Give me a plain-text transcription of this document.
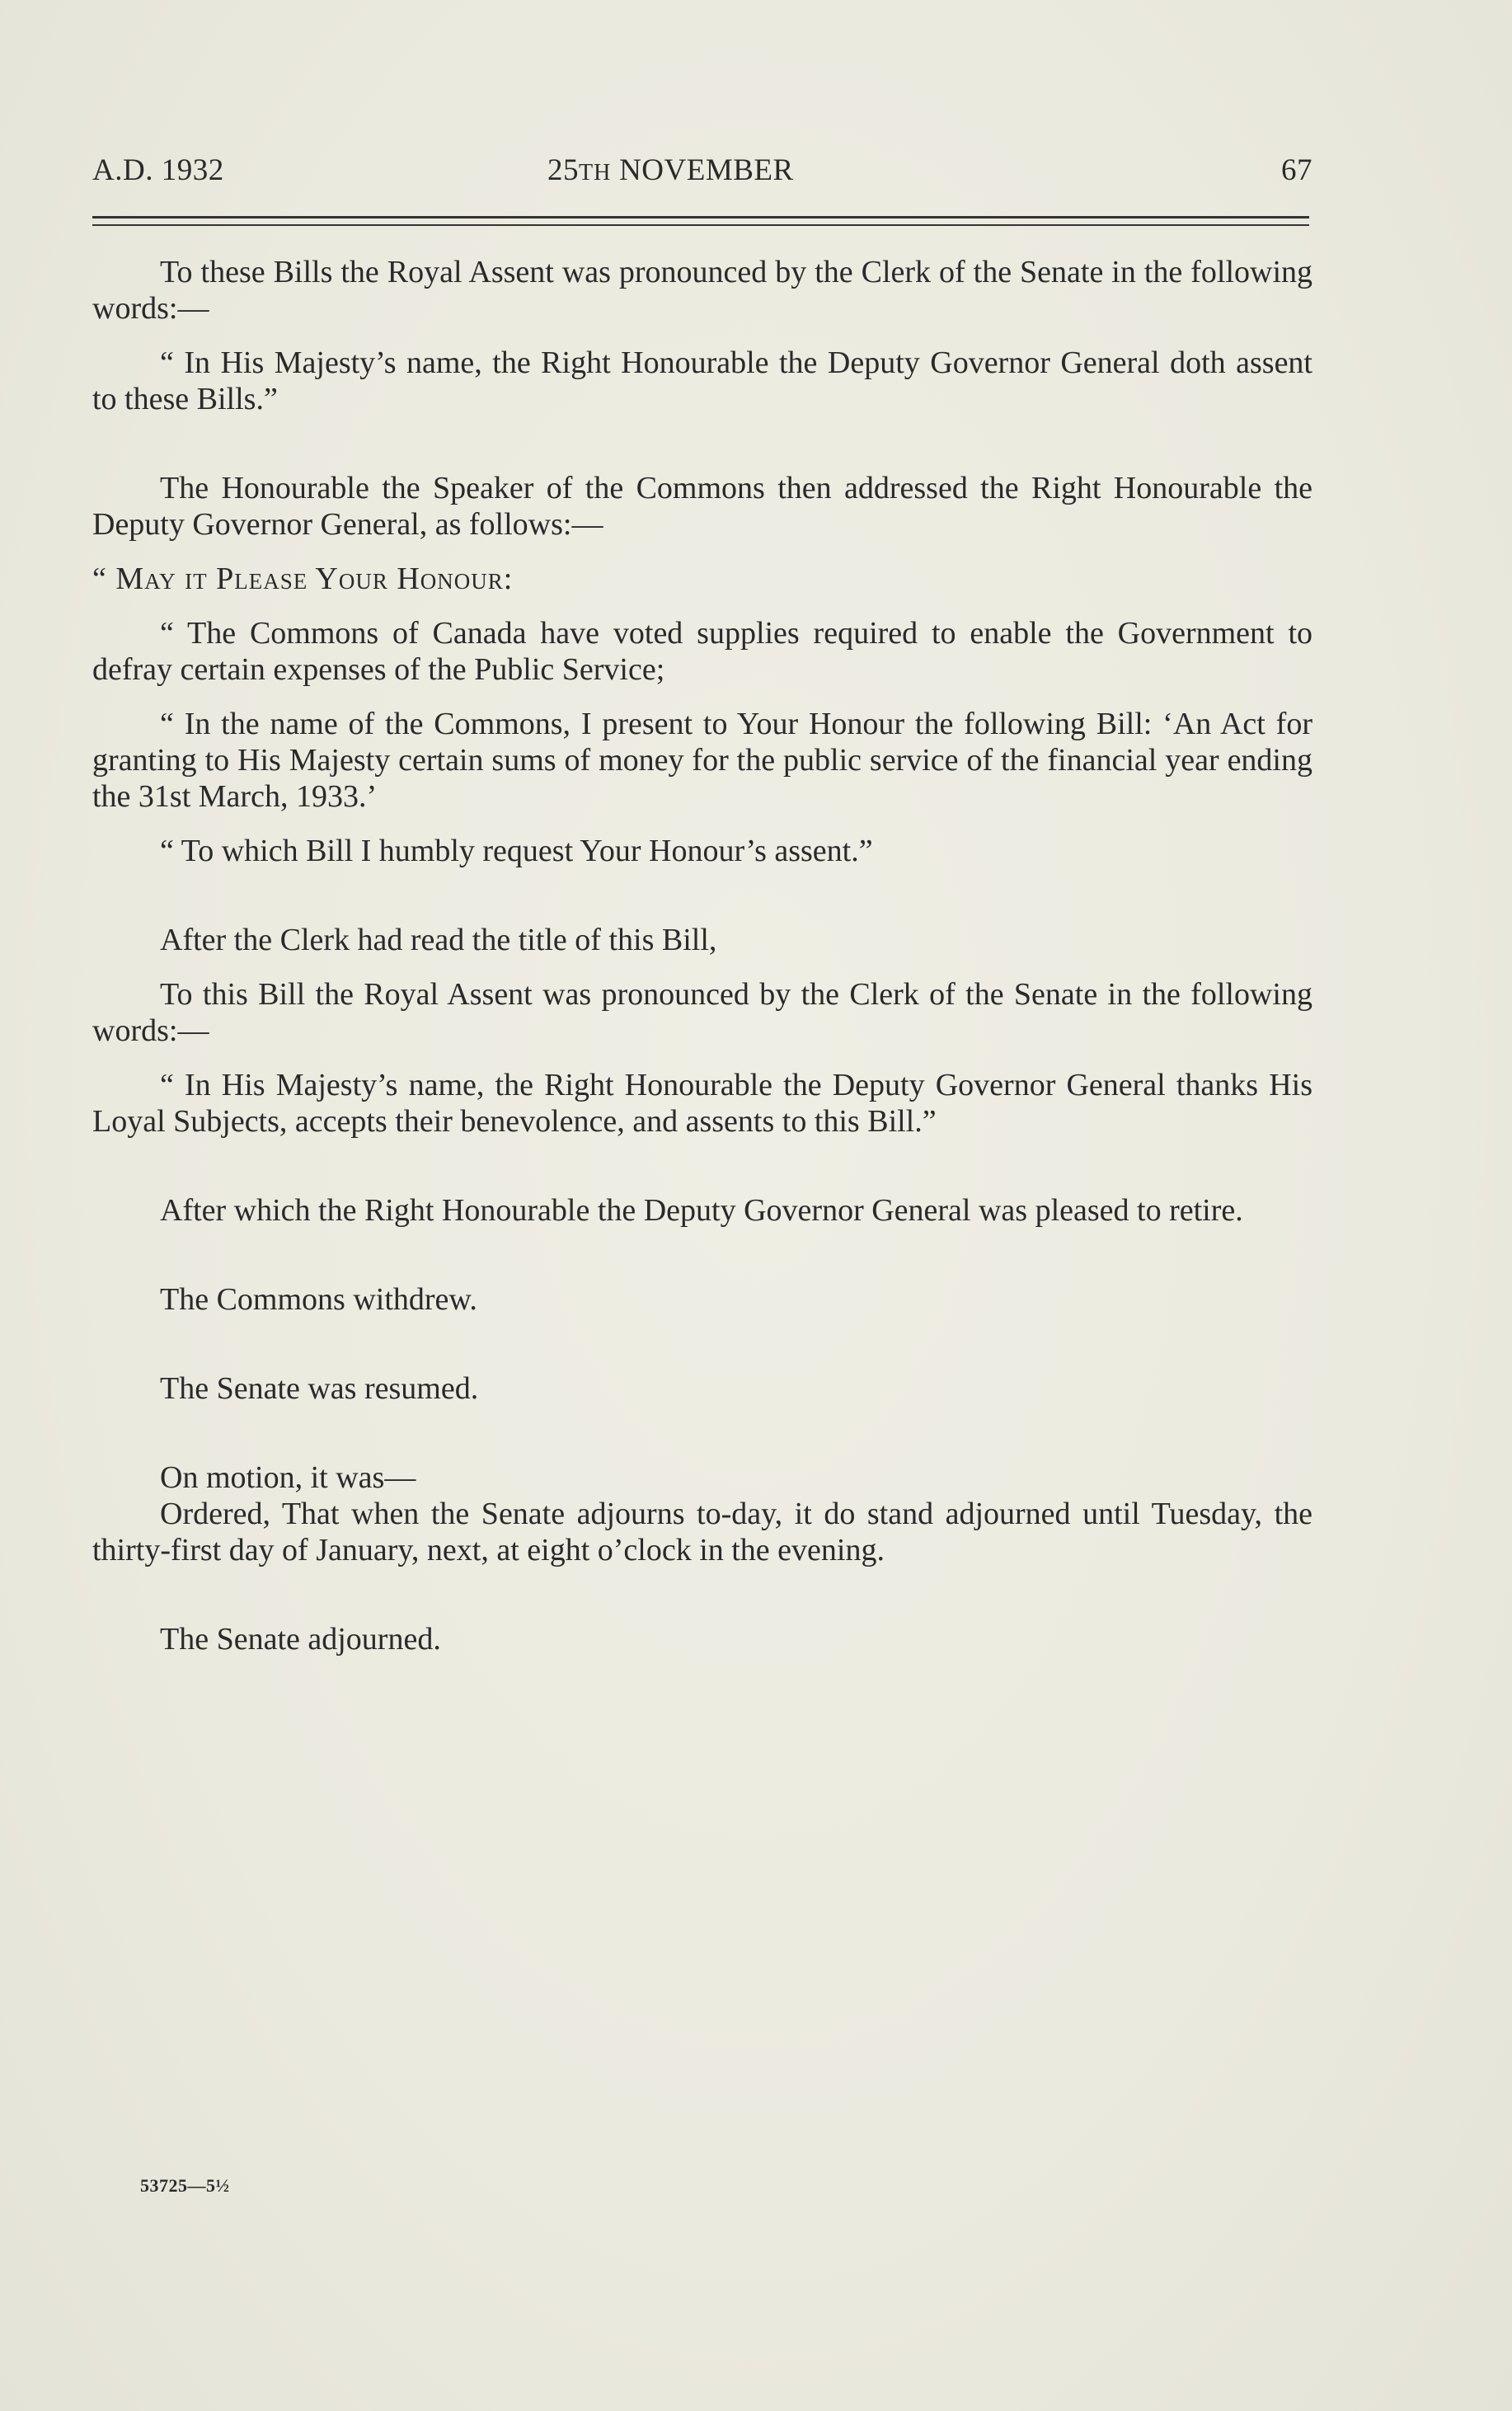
A.D. 1932	25TH NOVEMBER	67

To these Bills the Royal Assent was pronounced by the Clerk of the Senate in the following words:—

“ In His Majesty’s name, the Right Honourable the Deputy Governor General doth assent to these Bills.”

The Honourable the Speaker of the Commons then addressed the Right Honourable the Deputy Governor General, as follows:—

“ May it Please Your Honour:

“ The Commons of Canada have voted supplies required to enable the Government to defray certain expenses of the Public Service;

“ In the name of the Commons, I present to Your Honour the following Bill: ‘An Act for granting to His Majesty certain sums of money for the public service of the financial year ending the 31st March, 1933.’

“ To which Bill I humbly request Your Honour’s assent.”

After the Clerk had read the title of this Bill,

To this Bill the Royal Assent was pronounced by the Clerk of the Senate in the following words:—

“ In His Majesty’s name, the Right Honourable the Deputy Governor General thanks His Loyal Subjects, accepts their benevolence, and assents to this Bill.”

After which the Right Honourable the Deputy Governor General was pleased to retire.

The Commons withdrew.

The Senate was resumed.

On motion, it was—

Ordered, That when the Senate adjourns to-day, it do stand adjourned until Tuesday, the thirty-first day of January, next, at eight o’clock in the evening.

The Senate adjourned.

53725—5½
